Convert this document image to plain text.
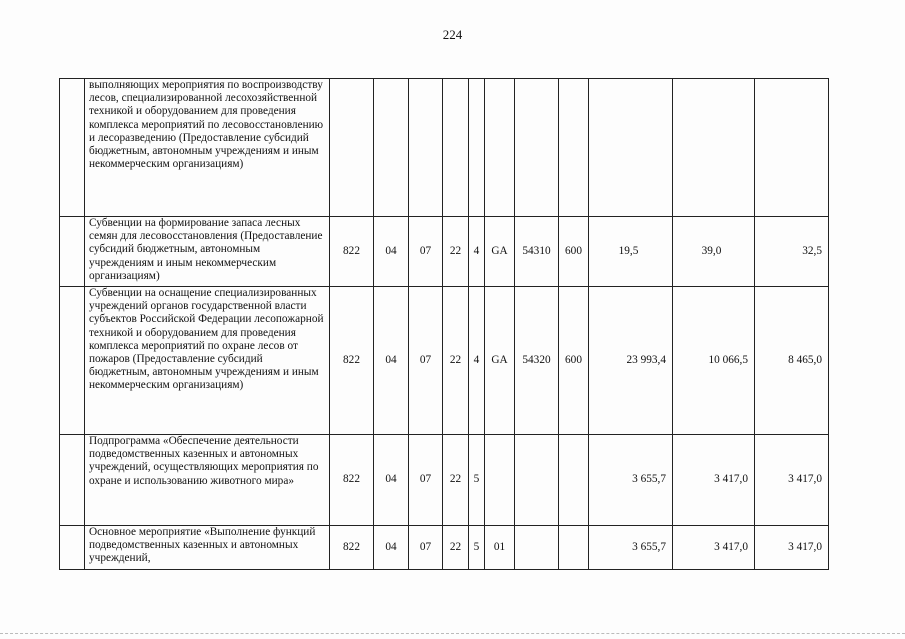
224
	выполняющих мероприятия по воспроизводству лесов, специализированной лесохозяйственной техникой и оборудованием для проведения комплекса мероприятий по лесовосстановлению и лесоразведению (Предоставление субсидий бюджетным, автономным учреждениям и иным некоммерческим организациям)											
	Субвенции на формирование запаса лесных семян для лесовосстановления (Предоставление субсидий бюджетным, автономным учреждениям и иным некоммерческим организациям)	822	04	07	22	4	GA	54310	600	19,5	39,0	32,5
	Субвенции на оснащение специализированных учреждений органов государственной власти субъектов Российской Федерации лесопожарной техникой и оборудованием для проведения комплекса мероприятий по охране лесов от пожаров (Предоставление субсидий бюджетным, автономным учреждениям и иным некоммерческим организациям)	822	04	07	22	4	GA	54320	600	23 993,4	10 066,5	8 465,0
	Подпрограмма «Обеспечение деятельности подведомственных казенных и автономных учреждений, осуществляющих мероприятия по охране и использованию животного мира»	822	04	07	22	5				3 655,7	3 417,0	3 417,0
	Основное мероприятие «Выполнение функций подведомственных казенных и автономных учреждений,	822	04	07	22	5	01			3 655,7	3 417,0	3 417,0
